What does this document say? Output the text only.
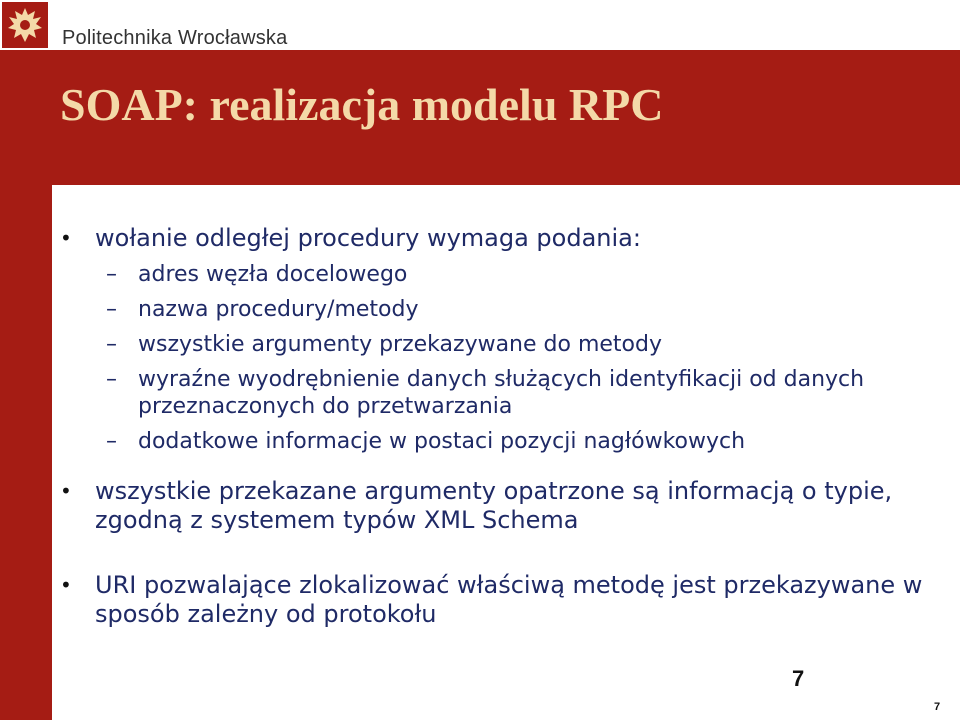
Politechnika Wrocławska
SOAP: realizacja modelu RPC
• wołanie odległej procedury wymaga podania:
– adres węzła docelowego
– nazwa procedury/metody
– wszystkie argumenty przekazywane do metody
– wyraźne wyodrębnienie danych służących identyfikacji od danych przeznaczonych do przetwarzania
– dodatkowe informacje w postaci pozycji nagłówkowych
• wszystkie przekazane argumenty opatrzone są informacją o typie, zgodną z systemem typów XML Schema
• URI pozwalające zlokalizować właściwą metodę jest przekazywane w sposób zależny od protokołu
7
7
